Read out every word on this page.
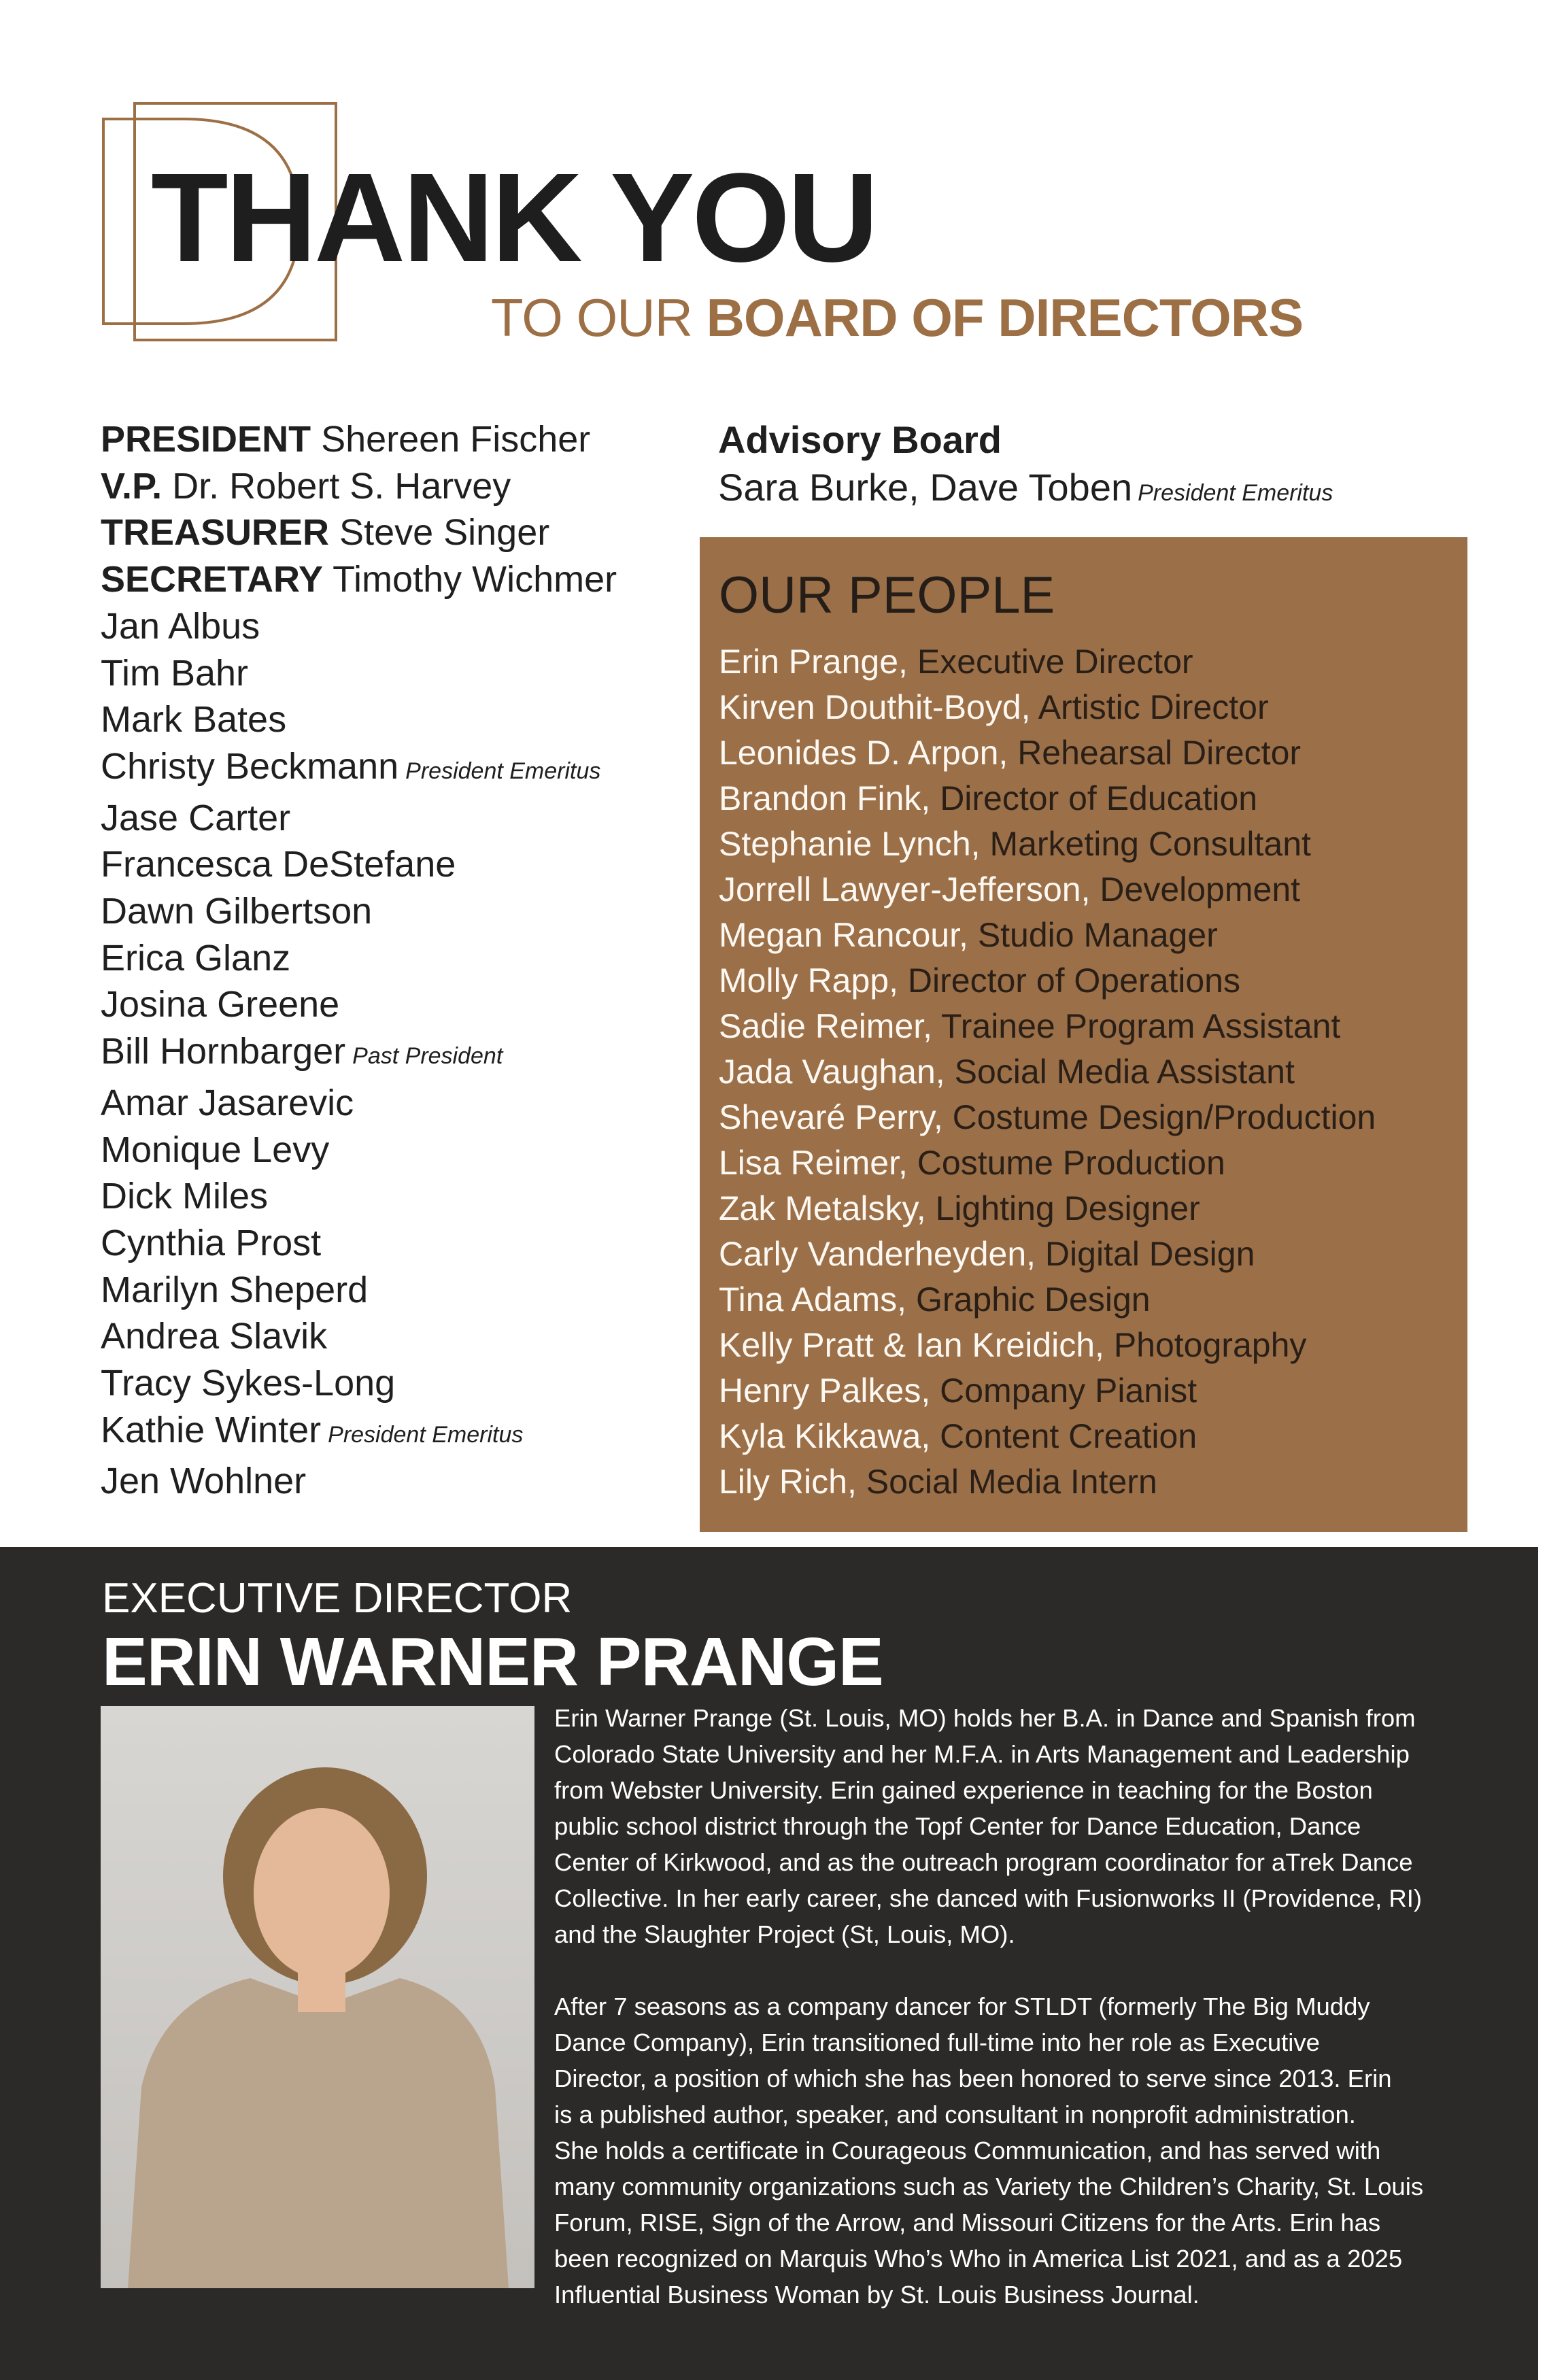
THANK YOU
TO OUR BOARD OF DIRECTORS
PRESIDENT Shereen Fischer
V.P. Dr. Robert S. Harvey
TREASURER Steve Singer
SECRETARY Timothy Wichmer
Jan Albus
Tim Bahr
Mark Bates
Christy Beckmann President Emeritus
Jase Carter
Francesca DeStefane
Dawn Gilbertson
Erica Glanz
Josina Greene
Bill Hornbarger Past President
Amar Jasarevic
Monique Levy
Dick Miles
Cynthia Prost
Marilyn Sheperd
Andrea Slavik
Tracy Sykes-Long
Kathie Winter President Emeritus
Jen Wohlner
Advisory Board
Sara Burke, Dave Toben President Emeritus
OUR PEOPLE
Erin Prange, Executive Director
Kirven Douthit-Boyd, Artistic Director
Leonides D. Arpon, Rehearsal Director
Brandon Fink, Director of Education
Stephanie Lynch, Marketing Consultant
Jorrell Lawyer-Jefferson, Development
Megan Rancour, Studio Manager
Molly Rapp, Director of Operations
Sadie Reimer, Trainee Program Assistant
Jada Vaughan, Social Media Assistant
Shevaré Perry, Costume Design/Production
Lisa Reimer, Costume Production
Zak Metalsky, Lighting Designer
Carly Vanderheyden, Digital Design
Tina Adams, Graphic Design
Kelly Pratt & Ian Kreidich, Photography
Henry Palkes, Company Pianist
Kyla Kikkawa, Content Creation
Lily Rich, Social Media Intern
EXECUTIVE DIRECTOR
ERIN WARNER PRANGE

Erin Warner Prange (St. Louis, MO) holds her B.A. in Dance and Spanish from
Colorado State University and her M.F.A. in Arts Management and Leadership
from Webster University. Erin gained experience in teaching for the Boston
public school district through the Topf Center for Dance Education, Dance
Center of Kirkwood, and as the outreach program coordinator for aTrek Dance
Collective. In her early career, she danced with Fusionworks II (Providence, RI)
and the Slaughter Project (St, Louis, MO).

After 7 seasons as a company dancer for STLDT (formerly The Big Muddy
Dance Company), Erin transitioned full-time into her role as Executive
Director, a position of which she has been honored to serve since 2013. Erin
is a published author, speaker, and consultant in nonprofit administration.
She holds a certificate in Courageous Communication, and has served with
many community organizations such as Variety the Children’s Charity, St. Louis
Forum, RISE, Sign of the Arrow, and Missouri Citizens for the Arts. Erin has
been recognized on Marquis Who’s Who in America List 2021, and as a 2025
Influential Business Woman by St. Louis Business Journal.
